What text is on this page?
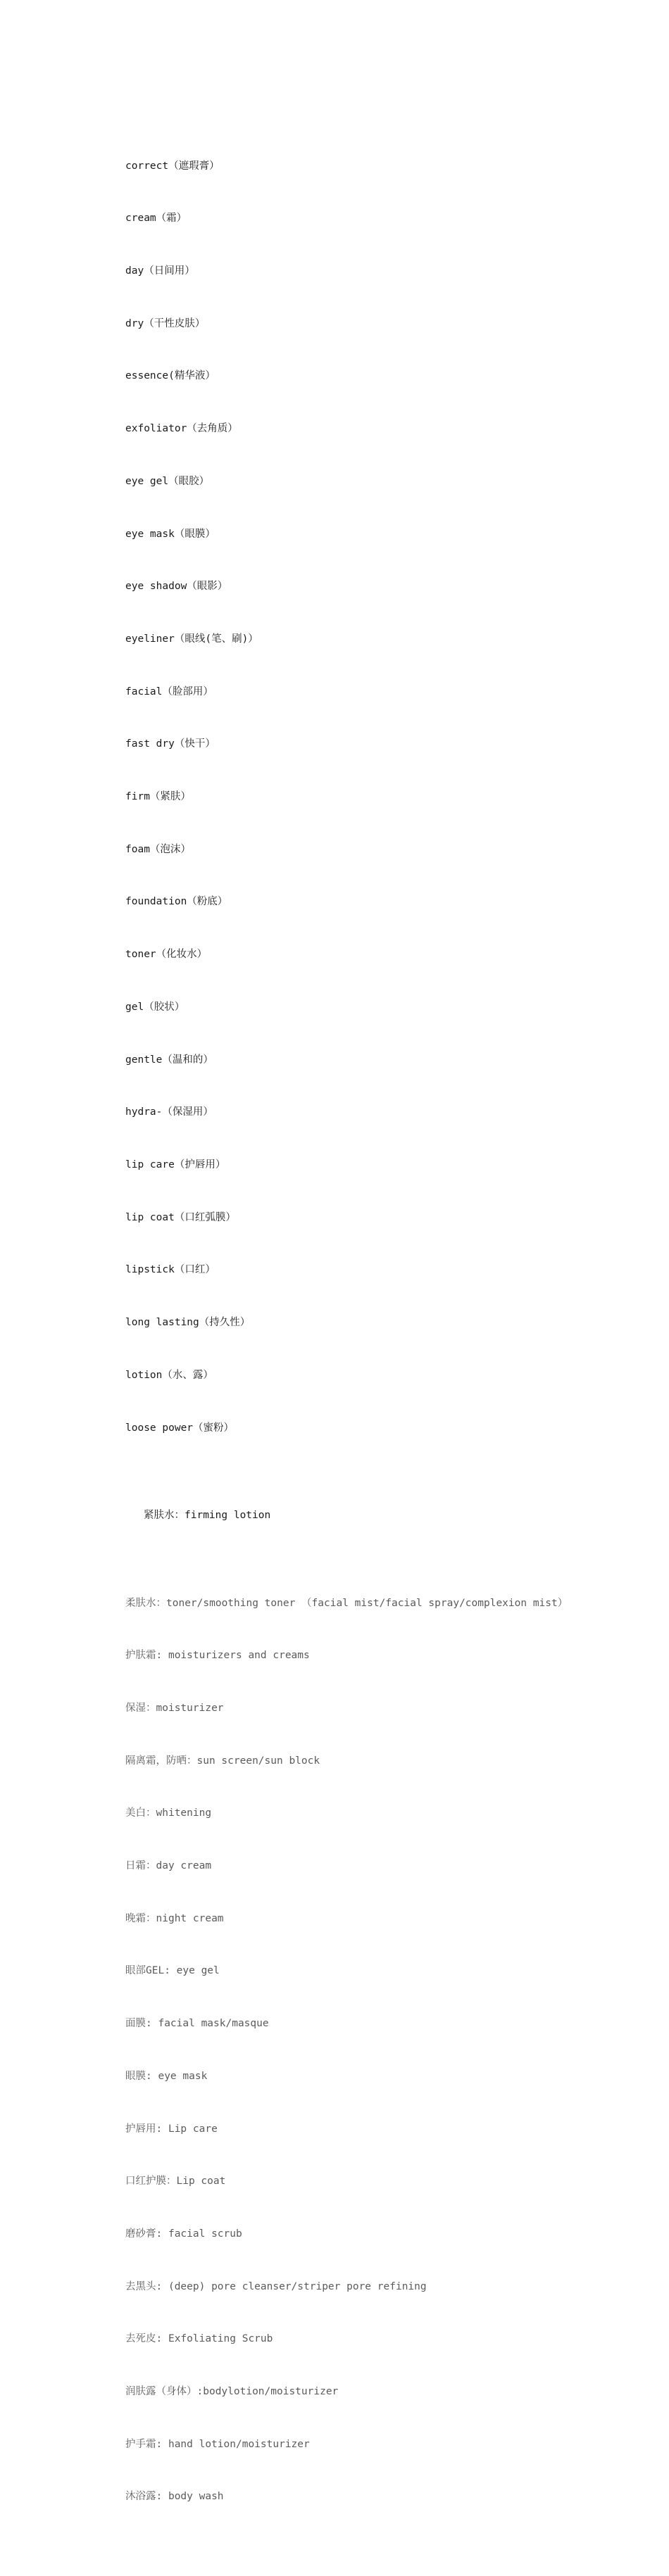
correct（遮瑕膏）

cream（霜）

day（日间用）

dry（干性皮肤）

essence(精华液）

exfoliator（去角质）

eye gel（眼胶）

eye mask（眼膜）

eye shadow（眼影）

eyeliner（眼线(笔、刷)）

facial（脸部用）

fast dry（快干）

firm（紧肤）

foam（泡沫）

foundation（粉底）

toner（化妆水）

gel（胶状）

gentle（温和的）

hydra-（保湿用）

lip care（护唇用）

lip coat（口红弧膜）

lipstick（口红）

long lasting（持久性）

lotion（水、露）

loose power（蜜粉）

紧肤水：firming lotion

柔肤水：toner/smoothing toner （facial mist/facial spray/complexion mist）

护肤霜: moisturizers and creams

保湿：moisturizer

隔离霜，防晒：sun screen/sun block

美白：whitening

日霜：day cream

晚霜：night cream

眼部GEL: eye gel

面膜: facial mask/masque

眼膜: eye mask

护唇用: Lip care

口红护膜：Lip coat

磨砂膏: facial scrub

去黑头: (deep) pore cleanser/striper pore refining

去死皮: Exfoliating Scrub

润肤露（身体）:bodylotion/moisturizer

护手霜: hand lotion/moisturizer

沐浴露: body wash
